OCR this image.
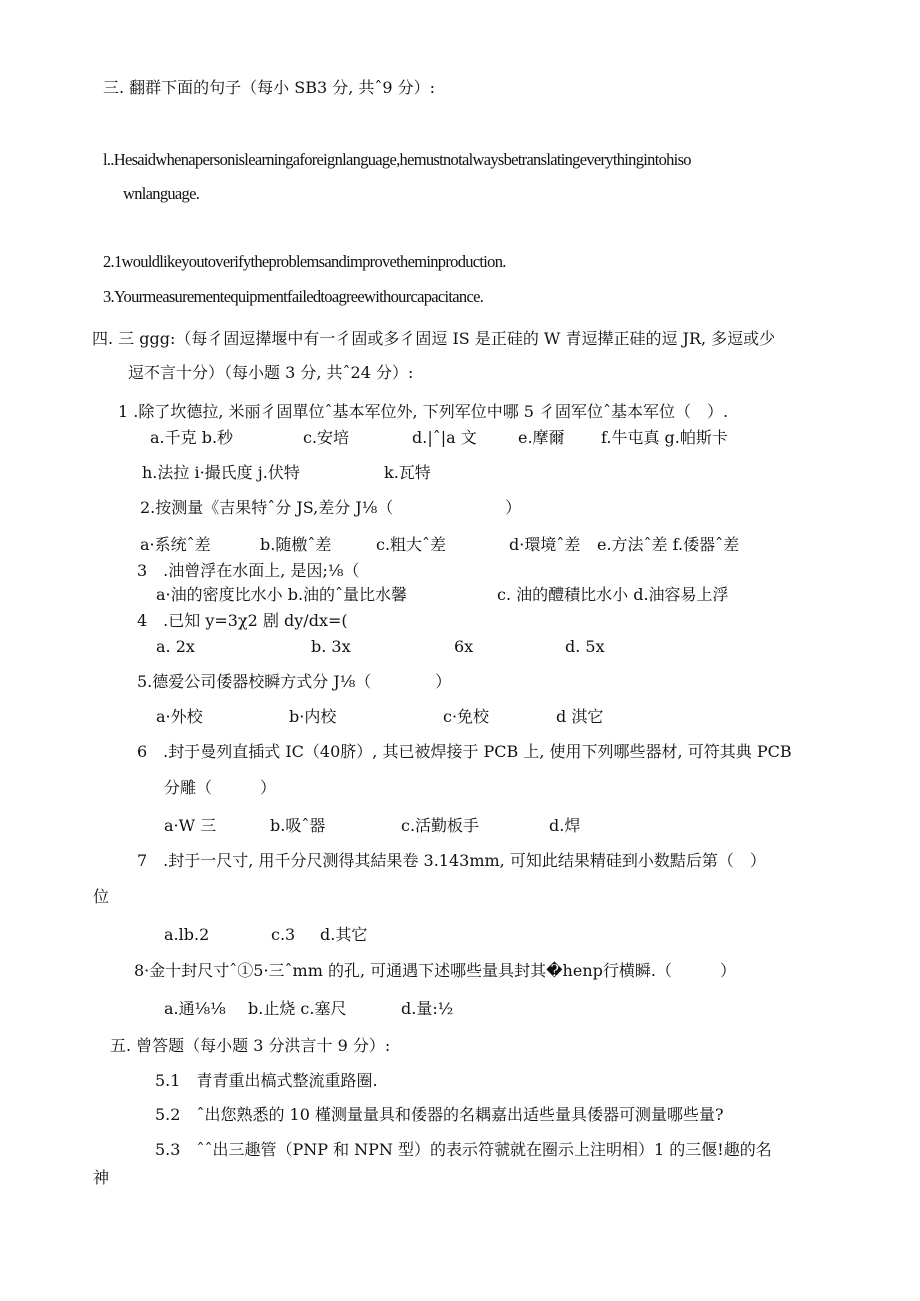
三. 翻群下面的句子（每小 SB3 分, 共ˆ9 分）:
l..Hesaidwhenapersonislearningaforeignlanguage,hemustnotalwaysbetranslatingeverythingintohiso
wnlanguage.
2.1wouldlikeyoutoverifytheproblemsandimprovetheminproduction.
3.Yourmeasurementequipmentfailedtoagreewithourcapacitance.
四. 三 ggg:（每彳固逗撵堰中有一彳固或多彳固逗 IS 是正硅的 W 青逗撵正硅的逗 JR, 多逗或少
逗不言十分）（每小题 3 分, 共ˆ24 分）:
1 .除了坎德拉, 米丽彳固單位ˆ基本军位外, 下列军位中哪 5 彳固军位ˆ基本军位（　）.
a.千克 b.秒	c.安培	d.|ˆ|a 文	e.摩爾 f.牛屯真 g.帕斯卡
h.法拉 i·撮氏度 j.伏特	k.瓦特
2.按测量《吉果特ˆ分 JS,差分 J⅛（　　　　　　　）
a·系统ˆ差	b.随檄ˆ差	c.粗大ˆ差	d·環境ˆ差 e.方法ˆ差 f.倭器ˆ差
3　.油曾浮在水面上, 是因;⅛（
a·油的密度比水小 b.油的ˆ量比水馨	c. 油的醴積比水小 d.油容易上浮
4　.已知 y=3χ2 剧 dy∕dx=(
a. 2x	b. 3x	6x	d. 5x
5.德爱公司倭器校瞬方式分 J⅛（　　　　）
a·外校	b·内校	c·免校	d 淇它
6　.封于曼列直插式 IC（40脐）, 其已被焊接于 PCB 上, 使用下列哪些器材, 可符其典 PCB
分雕（　　　）
a·W 三	b.吸ˆ器	c.活勤板手	d.焊
7　.封于一尺寸, 用千分尺测得其結果卷 3.143mm, 可知此结果精硅到小数黠后第（　）
位
a.lb.2	c.3 d.其它
8·金十封尺寸ˆ①5·三ˆmm 的孔, 可通遇下述哪些量具封其�henp行横瞬.（　　　）
a.通⅛⅛ b.止烧 c.塞尺	d.量:½
五. 曾答题（每小题 3 分洪言十 9 分）:
5.1　青青重出槁式整流重路圈.
5.2　ˆ出您熟悉的 10 槿测量量具和倭器的名耦嘉出适些量具倭器可测量哪些量?
5.3　ˆˆ出三趣管（PNP 和 NPN 型）的表示符虢就在圈示上注明相）1 的三偃!趣的名
神
